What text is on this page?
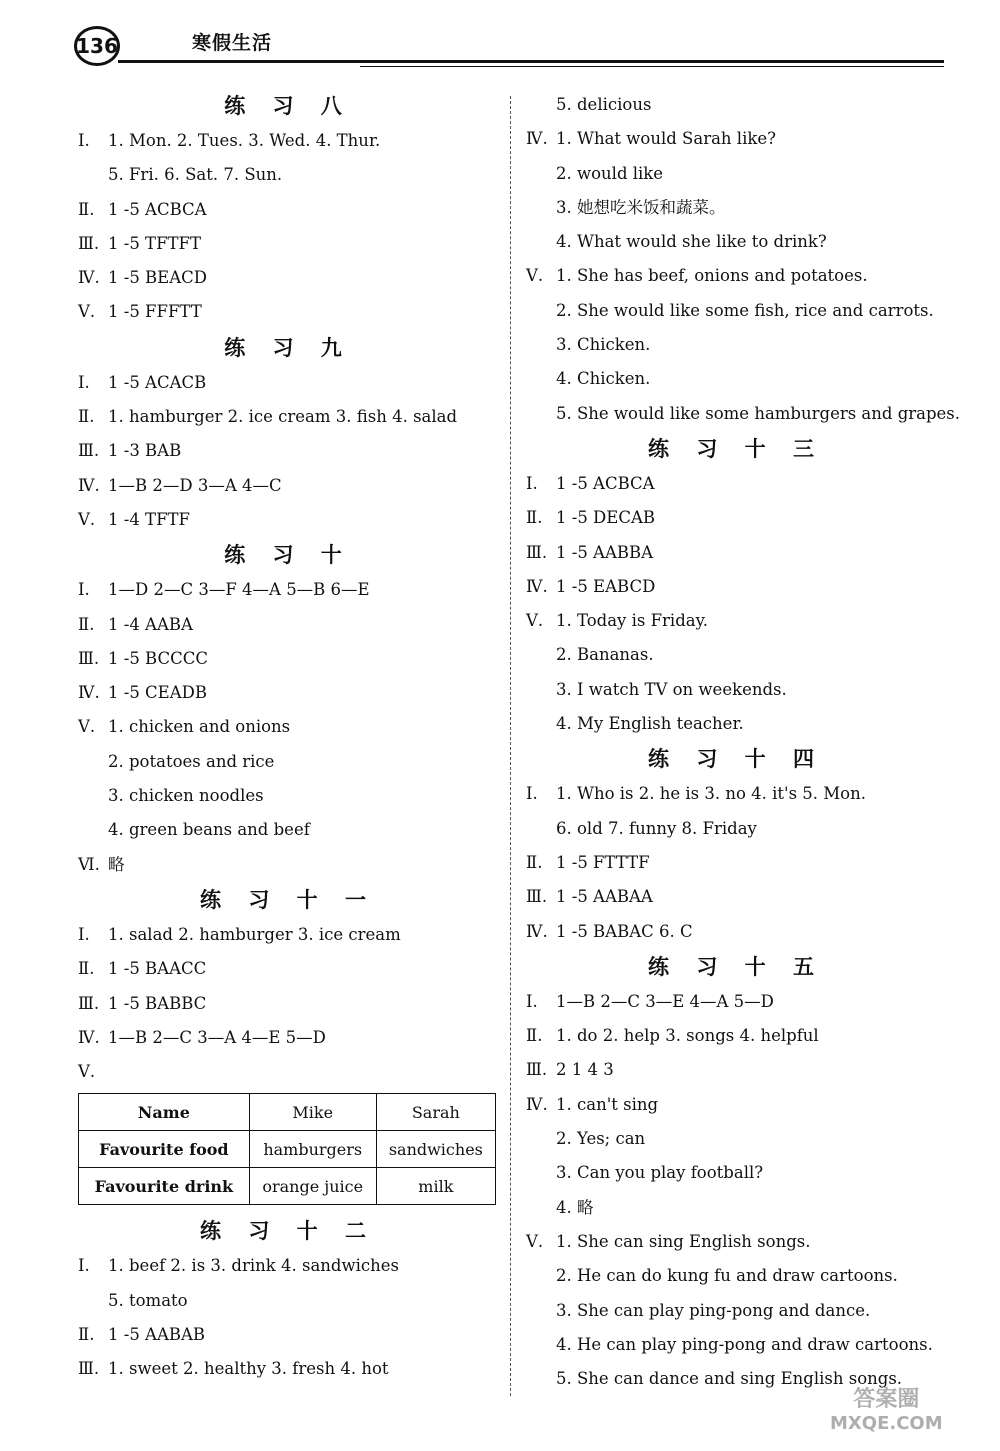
136	寒假生活
练 习 八
Ⅰ. 1. Mon. 2. Tues. 3. Wed. 4. Thur.
5. Fri. 6. Sat. 7. Sun.
Ⅱ. 1 -5 ACBCA
Ⅲ. 1 -5 TFTFT
Ⅳ. 1 -5 BEACD
Ⅴ. 1 -5 FFFTT
练 习 九
Ⅰ. 1 -5 ACACB
Ⅱ. 1. hamburger 2. ice cream 3. fish 4. salad
Ⅲ. 1 -3 BAB
Ⅳ. 1—B 2—D 3—A 4—C
Ⅴ. 1 -4 TFTF
练 习 十
Ⅰ. 1—D 2—C 3—F 4—A 5—B 6—E
Ⅱ. 1 -4 AABA
Ⅲ. 1 -5 BCCCC
Ⅳ. 1 -5 CEADB
Ⅴ. 1. chicken and onions
2. potatoes and rice
3. chicken noodles
4. green beans and beef
Ⅵ. 略
练 习 十 一
Ⅰ. 1. salad 2. hamburger 3. ice cream
Ⅱ. 1 -5 BAACC
Ⅲ. 1 -5 BABBC
Ⅳ. 1—B 2—C 3—A 4—E 5—D
Ⅴ.
Name	Mike	Sarah
Favourite food	hamburgers	sandwiches
Favourite drink	orange juice	milk
练 习 十 二
Ⅰ. 1. beef 2. is 3. drink 4. sandwiches
5. tomato
Ⅱ. 1 -5 AABAB
Ⅲ. 1. sweet 2. healthy 3. fresh 4. hot
5. delicious
Ⅳ. 1. What would Sarah like?
2. would like
3. 她想吃米饭和蔬菜。
4. What would she like to drink?
Ⅴ. 1. She has beef, onions and potatoes.
2. She would like some fish, rice and carrots.
3. Chicken.
4. Chicken.
5. She would like some hamburgers and grapes.
练 习 十 三
Ⅰ. 1 -5 ACBCA
Ⅱ. 1 -5 DECAB
Ⅲ. 1 -5 AABBA
Ⅳ. 1 -5 EABCD
Ⅴ. 1. Today is Friday.
2. Bananas.
3. I watch TV on weekends.
4. My English teacher.
练 习 十 四
Ⅰ. 1. Who is 2. he is 3. no 4. it's 5. Mon.
6. old 7. funny 8. Friday
Ⅱ. 1 -5 FTTTF
Ⅲ. 1 -5 AABAA
Ⅳ. 1 -5 BABAC 6. C
练 习 十 五
Ⅰ. 1—B 2—C 3—E 4—A 5—D
Ⅱ. 1. do 2. help 3. songs 4. helpful
Ⅲ. 2 1 4 3
Ⅳ. 1. can't sing
2. Yes; can
3. Can you play football?
4. 略
Ⅴ. 1. She can sing English songs.
2. He can do kung fu and draw cartoons.
3. She can play ping-pong and dance.
4. He can play ping-pong and draw cartoons.
5. She can dance and sing English songs.
答案圈
MXQE.COM
